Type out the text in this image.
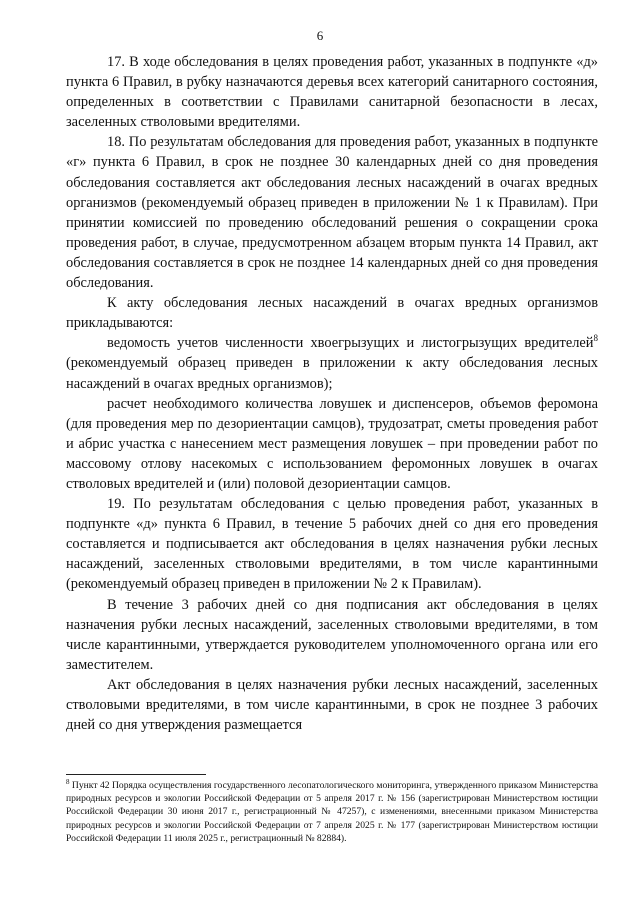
6

17. В ходе обследования в целях проведения работ, указанных в подпункте «д» пункта 6 Правил, в рубку назначаются деревья всех категорий санитарного состояния, определенных в соответствии с Правилами санитарной безопасности в лесах, заселенных стволовыми вредителями.

18. По результатам обследования для проведения работ, указанных в подпункте «г» пункта 6 Правил, в срок не позднее 30 календарных дней со дня проведения обследования составляется акт обследования лесных насаждений в очагах вредных организмов (рекомендуемый образец приведен в приложении № 1 к Правилам). При принятии комиссией по проведению обследований решения о сокращении срока проведения работ, в случае, предусмотренном абзацем вторым пункта 14 Правил, акт обследования составляется в срок не позднее 14 календарных дней со дня проведения обследования.

К акту обследования лесных насаждений в очагах вредных организмов прикладываются:

ведомость учетов численности хвоегрызущих и листогрызущих вредителей$^8$ (рекомендуемый образец приведен в приложении к акту обследования лесных насаждений в очагах вредных организмов);

расчет необходимого количества ловушек и диспенсеров, объемов феромона (для проведения мер по дезориентации самцов), трудозатрат, сметы проведения работ и абрис участка с нанесением мест размещения ловушек – при проведении работ по массовому отлову насекомых с использованием феромонных ловушек в очагах стволовых вредителей и (или) половой дезориентации самцов.

19. По результатам обследования с целью проведения работ, указанных в подпункте «д» пункта 6 Правил, в течение 5 рабочих дней со дня его проведения составляется и подписывается акт обследования в целях назначения рубки лесных насаждений, заселенных стволовыми вредителями, в том числе карантинными (рекомендуемый образец приведен в приложении № 2 к Правилам).

В течение 3 рабочих дней со дня подписания акт обследования в целях назначения рубки лесных насаждений, заселенных стволовыми вредителями, в том числе карантинными, утверждается руководителем уполномоченного органа или его заместителем.

Акт обследования в целях назначения рубки лесных насаждений, заселенных стволовыми вредителями, в том числе карантинными, в срок не позднее 3 рабочих дней со дня утверждения размещается

$^8$ Пункт 42 Порядка осуществления государственного лесопатологического мониторинга, утвержденного приказом Министерства природных ресурсов и экологии Российской Федерации от 5 апреля 2017 г. № 156 (зарегистрирован Министерством юстиции Российской Федерации 30 июня 2017 г., регистрационный № 47257), с изменениями, внесенными приказом Министерства природных ресурсов и экологии Российской Федерации от 7 апреля 2025 г. № 177 (зарегистрирован Министерством юстиции Российской Федерации 11 июля 2025 г., регистрационный № 82884).
